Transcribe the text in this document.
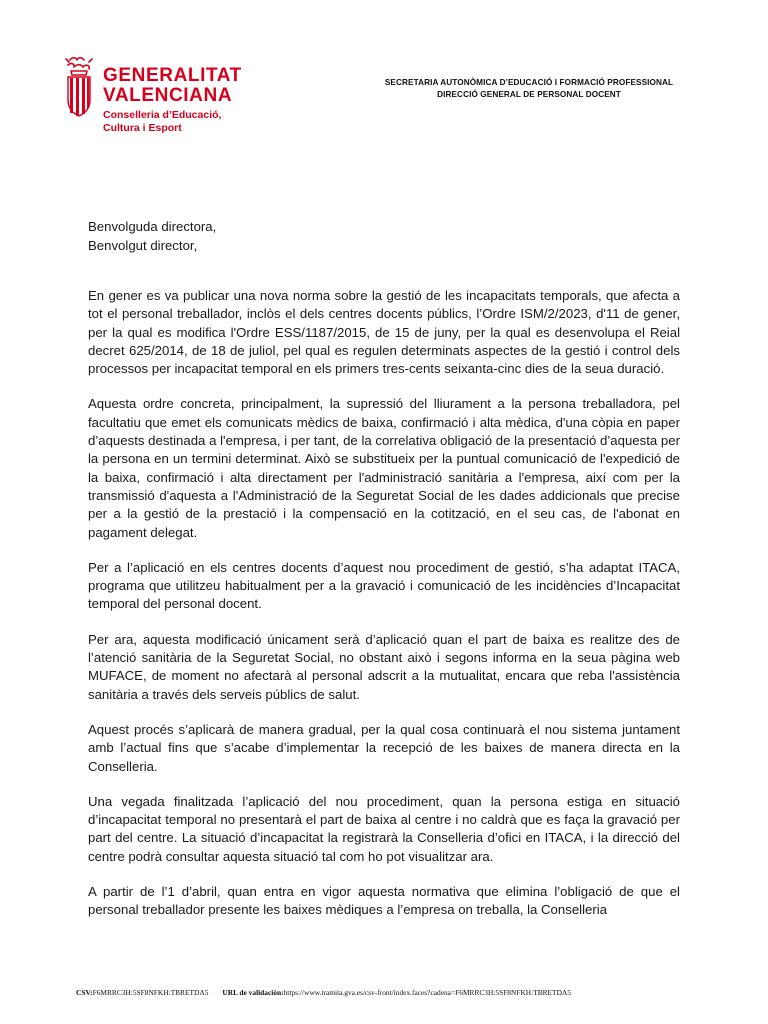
GENERALITAT
VALENCIANA
Conselleria d’Educació,
Cultura i Esport
SECRETARIA AUTONÒMICA D’EDUCACIÓ I FORMACIÓ PROFESSIONAL
DIRECCIÓ GENERAL DE PERSONAL DOCENT
Benvolguda directora,
Benvolgut director,

En gener es va publicar una nova norma sobre la gestió de les incapacitats temporals, que afecta a tot el personal treballador, inclòs el dels centres docents públics, l’Ordre ISM/2/2023, d'11 de gener, per la qual es modifica l'Ordre ESS/1187/2015, de 15 de juny, per la qual es desenvolupa el Reial decret 625/2014, de 18 de juliol, pel qual es regulen determinats aspectes de la gestió i control dels processos per incapacitat temporal en els primers tres-cents seixanta-cinc dies de la seua duració.

Aquesta ordre concreta, principalment, la supressió del lliurament a la persona treballadora, pel facultatiu que emet els comunicats mèdics de baixa, confirmació i alta mèdica, d'una còpia en paper d’aquests destinada a l'empresa, i per tant, de la correlativa obligació de la presentació d’aquesta per la persona en un termini determinat. Això se substitueix per la puntual comunicació de l'expedició de la baixa, confirmació i alta directament per l'administració sanitària a l'empresa, així com per la transmissió d'aquesta a l'Administració de la Seguretat Social de les dades addicionals que precise per a la gestió de la prestació i la compensació en la cotització, en el seu cas, de l'abonat en pagament delegat.

Per a l’aplicació en els centres docents d’aquest nou procediment de gestió, s’ha adaptat ITACA, programa que utilitzeu habitualment per a la gravació i comunicació de les incidències d’Incapacitat temporal del personal docent.

Per ara, aquesta modificació únicament serà d’aplicació quan el part de baixa es realitze des de l’atenció sanitària de la Seguretat Social, no obstant això i segons informa en la seua pàgina web MUFACE, de moment no afectarà al personal adscrit a la mutualitat, encara que reba l'assistència sanitària a través dels serveis públics de salut.

Aquest procés s’aplicarà de manera gradual, per la qual cosa continuarà el nou sistema juntament amb l’actual fins que s’acabe d’implementar la recepció de les baixes de manera directa en la Conselleria.

Una vegada finalitzada l’aplicació del nou procediment, quan la persona estiga en situació d’incapacitat temporal no presentarà el part de baixa al centre i no caldrà que es faça la gravació per part del centre. La situació d’incapacitat la registrarà la Conselleria d’ofici en ITACA, i la direcció del centre podrà consultar aquesta situació tal com ho pot visualitzar ara.

A partir de l’1 d’abril, quan entra en vigor aquesta normativa que elimina l’obligació de que el personal treballador presente les baixes mèdiques a l’empresa on treballa, la Conselleria

CSV:F6MRRC3H:5SF8NFKH:TBRETDA5 URL de validación:https://www.tramita.gva.es/csv-front/index.faces?cadena=F6MRRC3H:5SF8NFKH:TBRETDA5
